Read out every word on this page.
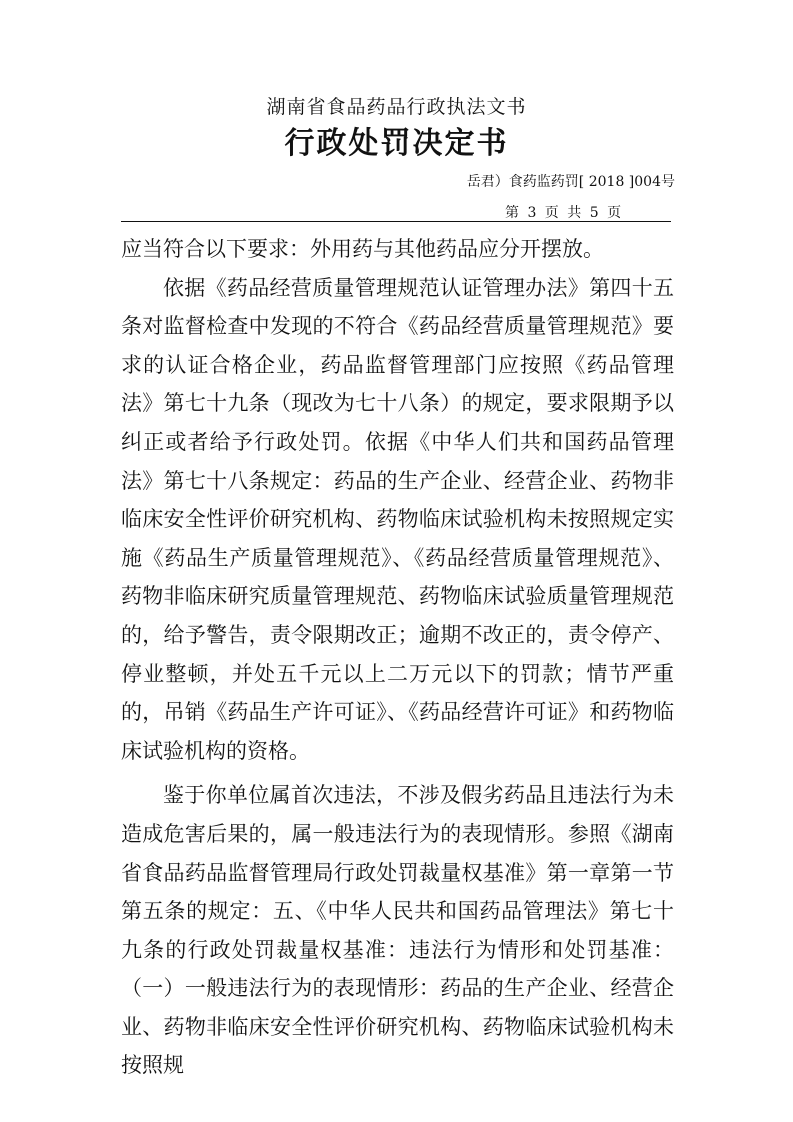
湖南省食品药品行政执法文书
行政处罚决定书
岳君）食药监药罚[ 2018 ]004号
第 3 页 共 5 页

应当符合以下要求：外用药与其他药品应分开摆放。

依据《药品经营质量管理规范认证管理办法》第四十五条对监督检查中发现的不符合《药品经营质量管理规范》要求的认证合格企业，药品监督管理部门应按照《药品管理法》第七十九条（现改为七十八条）的规定，要求限期予以纠正或者给予行政处罚。依据《中华人们共和国药品管理法》第七十八条规定：药品的生产企业、经营企业、药物非临床安全性评价研究机构、药物临床试验机构未按照规定实施《药品生产质量管理规范》、《药品经营质量管理规范》、药物非临床研究质量管理规范、药物临床试验质量管理规范的，给予警告，责令限期改正；逾期不改正的，责令停产、停业整顿，并处五千元以上二万元以下的罚款；情节严重的，吊销《药品生产许可证》、《药品经营许可证》和药物临床试验机构的资格。

鉴于你单位属首次违法，不涉及假劣药品且违法行为未造成危害后果的，属一般违法行为的表现情形。参照《湖南省食品药品监督管理局行政处罚裁量权基准》第一章第一节第五条的规定：五、《中华人民共和国药品管理法》第七十九条的行政处罚裁量权基准：违法行为情形和处罚基准：（一）一般违法行为的表现情形：药品的生产企业、经营企业、药物非临床安全性评价研究机构、药物临床试验机构未按照规
